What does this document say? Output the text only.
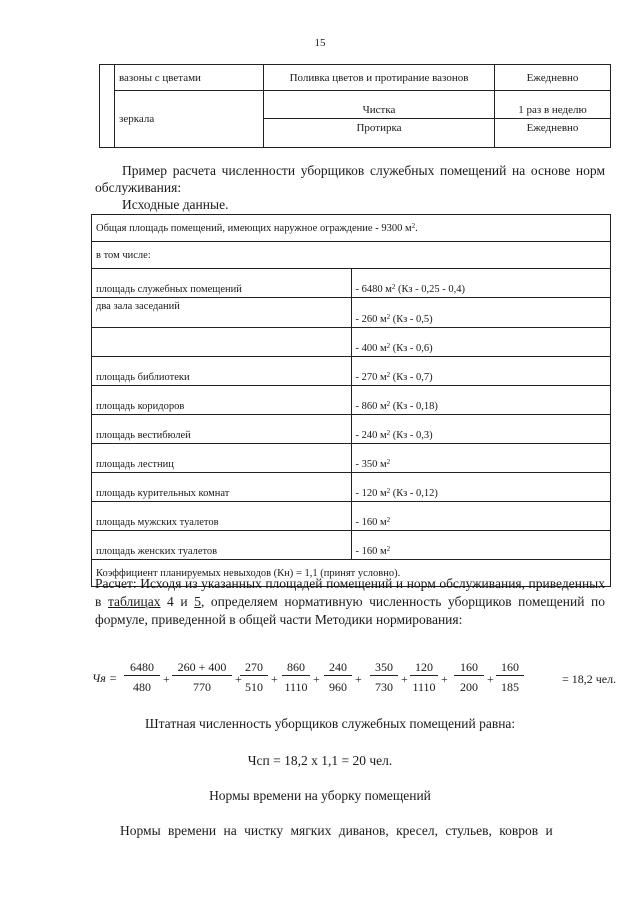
15
	вазоны с цветами	Поливка цветов и протирание вазонов	Ежедневно
	зеркала	Чистка	1 раз в неделю
		Протирка	Ежедневно
Пример расчета численности уборщиков служебных помещений на основе норм обслуживания:
Исходные данные.
Общая площадь помещений, имеющих наружное ограждение - 9300 $м^2$.	
в том числе:	
площадь служебных помещений	- 6480 $м^2$ (Кз - 0,25 - 0,4)
два зала заседаний	- 260 $м^2$ (Кз - 0,5)
	- 400 $м^2$ (Кз - 0,6)
площадь библиотеки	- 270 $м^2$ (Кз - 0,7)
площадь коридоров	- 860 $м^2$ (Кз - 0,18)
площадь вестибюлей	- 240 $м^2$ (Кз - 0,3)
площадь лестниц	- 350 $м^2$
площадь курительных комнат	- 120 $м^2$ (Кз - 0,12)
площадь мужских туалетов	- 160 $м^2$
площадь женских туалетов	- 160 $м^2$
Коэффициент планируемых невыходов (Кн) = 1,1 (принят условно).	
Расчет: Исходя из указанных площадей помещений и норм обслуживания, приведенных в таблицах 4 и 5, определяем нормативную численность уборщиков помещений по формуле, приведенной в общей части Методики нормирования:
Чя = $\frac{6480}{480} + \frac{260 + 400}{770}$ +
$\frac{270}{510} + \frac{860}{1110} + \frac{240}{960} + \frac{350}{730} + \frac{120}{1110} + \frac{160}{200} + \frac{160}{185}$	= 18,2 чел.
Штатная численность уборщиков служебных помещений равна:
Чсп = 18,2 x 1,1 = 20 чел.
Нормы времени на уборку помещений
Нормы времени на чистку мягких диванов, кресел, стульев, ковров и
